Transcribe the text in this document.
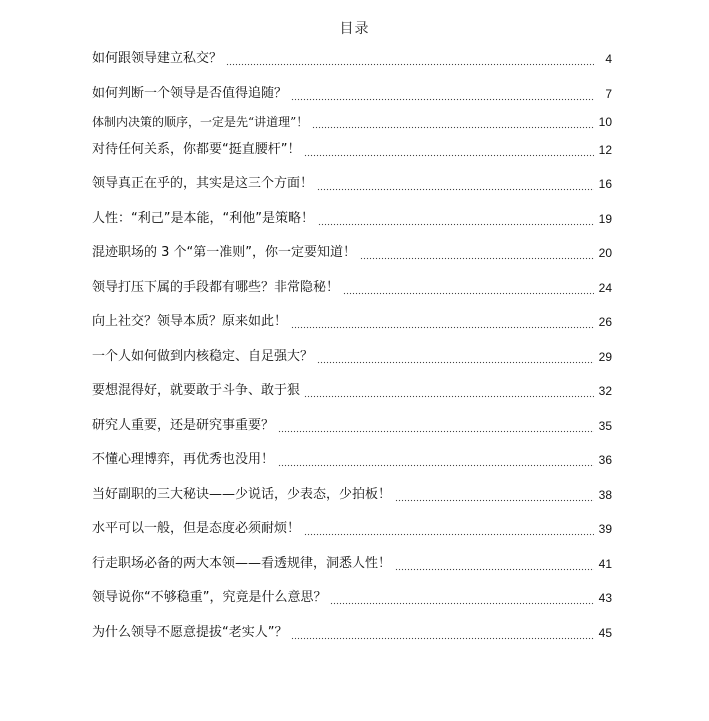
目录
如何跟领导建立私交？	4
如何判断一个领导是否值得追随？	7
体制内决策的顺序，一定是先“讲道理”！	10
对待任何关系，你都要“挺直腰杆”！	12
领导真正在乎的，其实是这三个方面！	16
人性：“利己”是本能，“利他”是策略！	19
混迹职场的 3 个“第一准则”，你一定要知道！	20
领导打压下属的手段都有哪些？非常隐秘！	24
向上社交？领导本质？原来如此！	26
一个人如何做到内核稳定、自足强大？	29
要想混得好，就要敢于斗争、敢于狠	32
研究人重要，还是研究事重要？	35
不懂心理博弈，再优秀也没用！	36
当好副职的三大秘诀——少说话，少表态，少拍板！	38
水平可以一般，但是态度必须耐烦！	39
行走职场必备的两大本领——看透规律，洞悉人性！	41
领导说你“不够稳重”，究竟是什么意思？	43
为什么领导不愿意提拔“老实人”？	45
